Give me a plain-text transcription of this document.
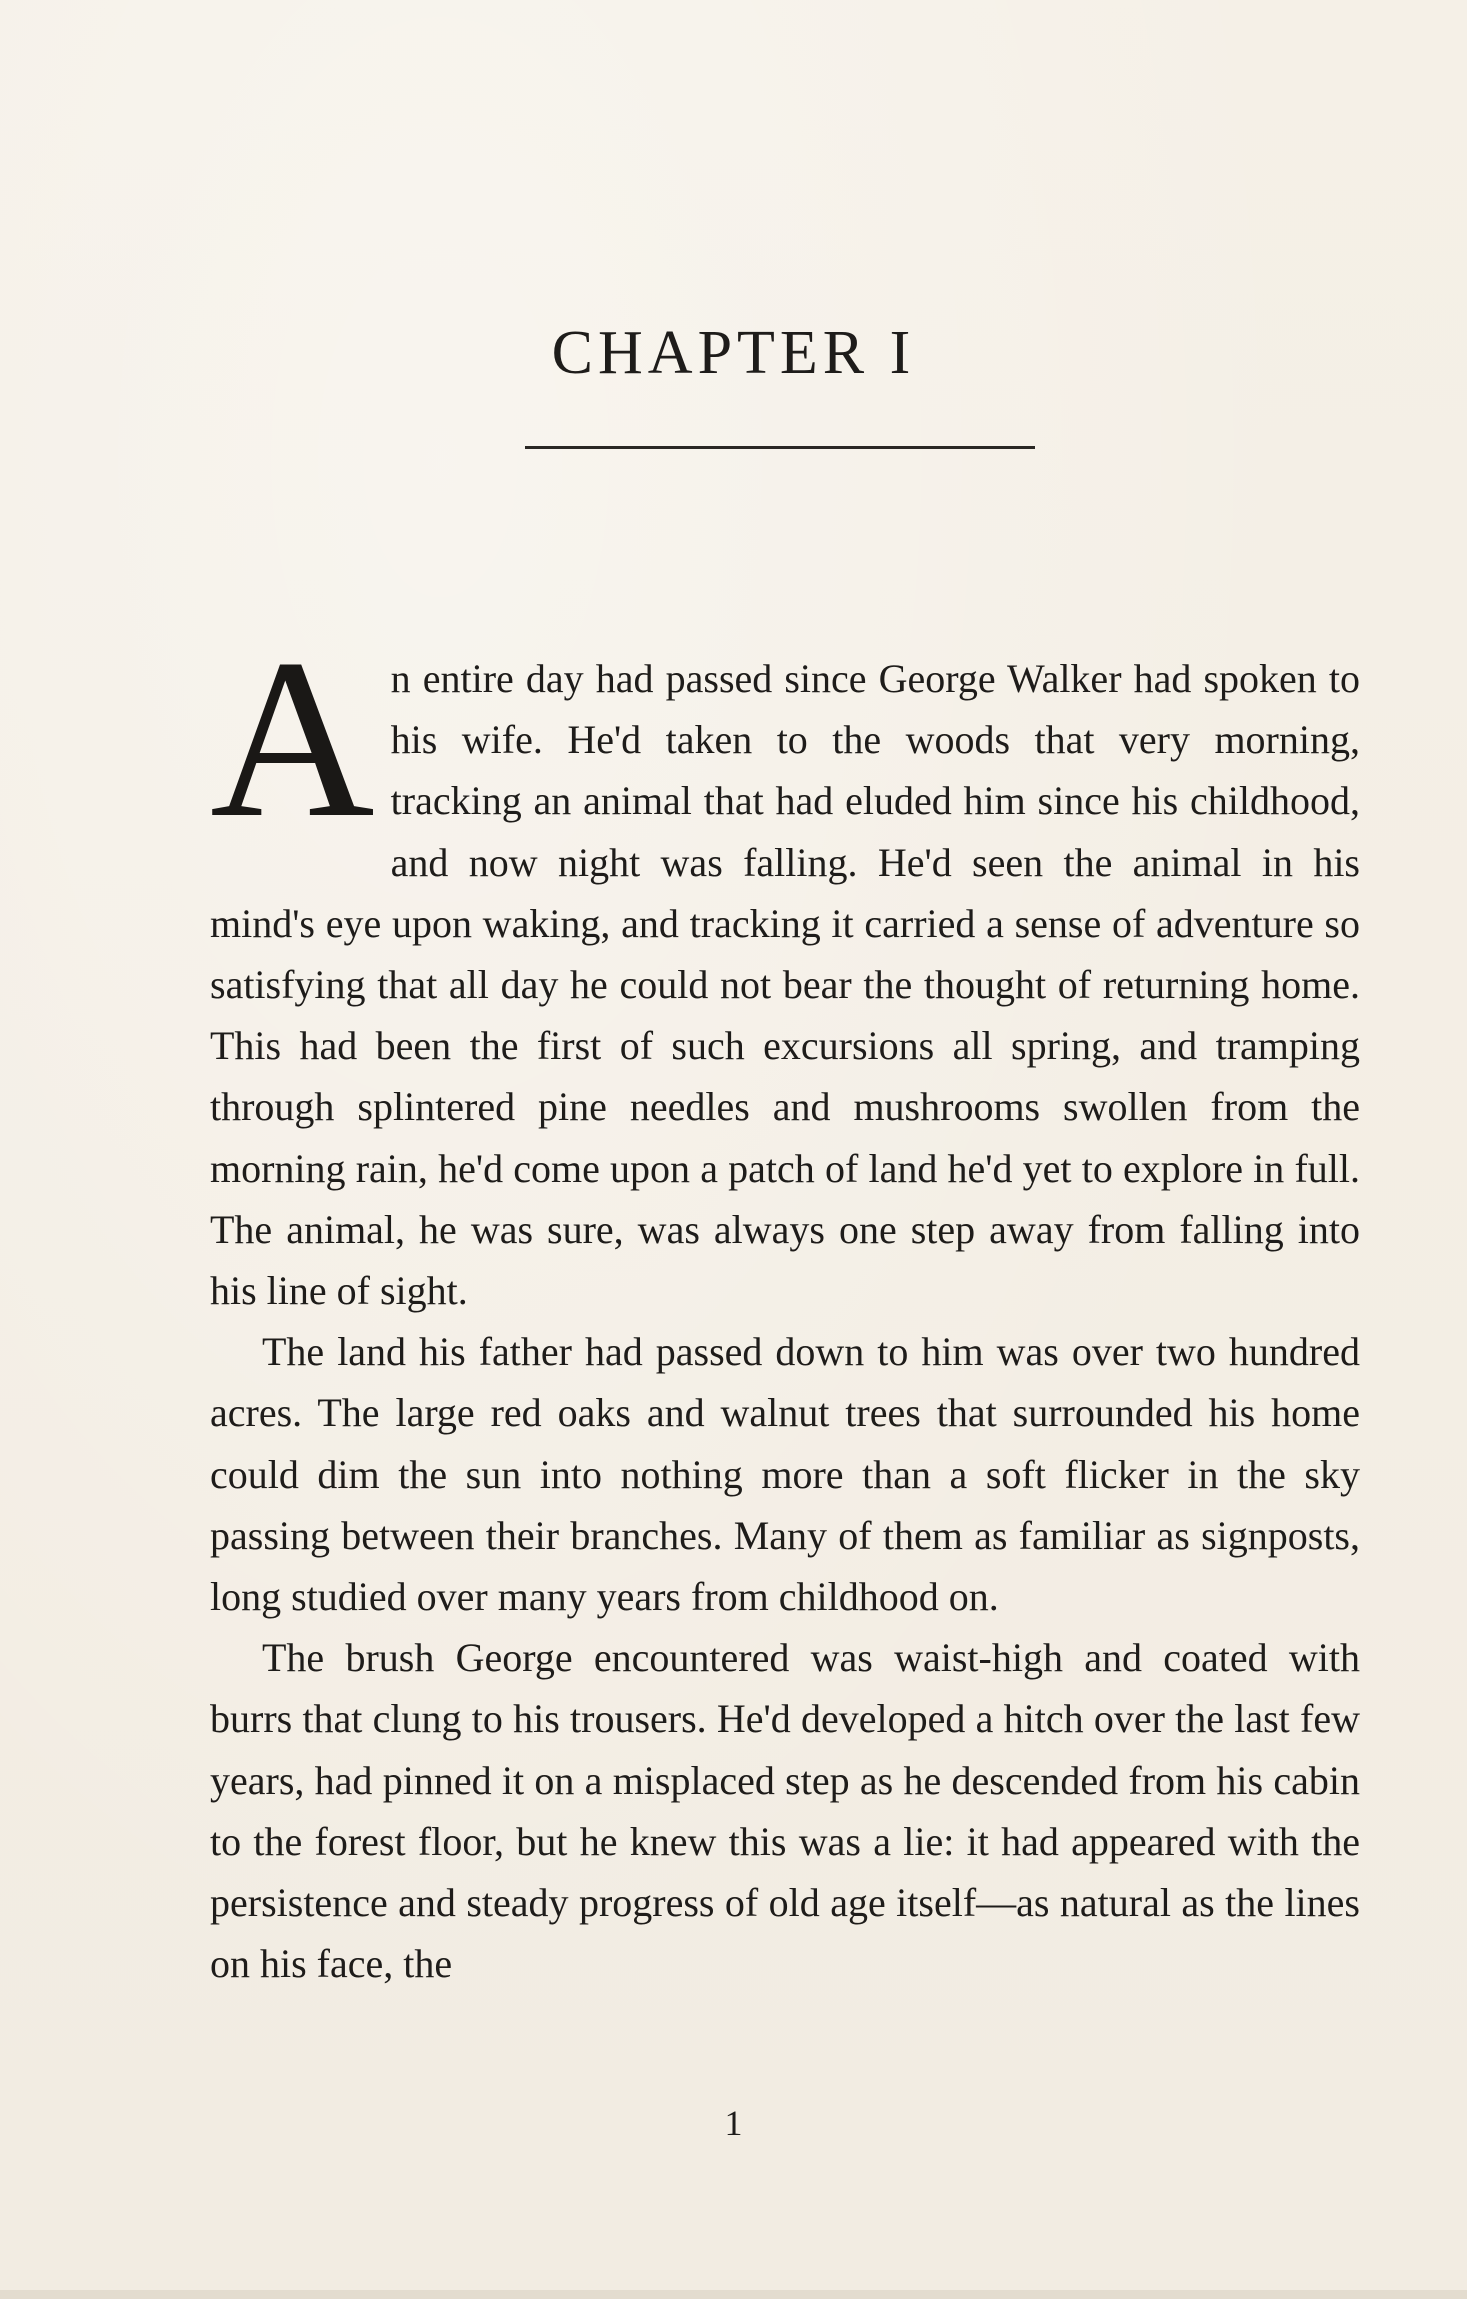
CHAPTER I

An entire day had passed since George Walker had spoken to his wife. He'd taken to the woods that very morning, tracking an animal that had eluded him since his childhood, and now night was falling. He'd seen the animal in his mind's eye upon waking, and tracking it carried a sense of adventure so satisfying that all day he could not bear the thought of returning home. This had been the first of such excursions all spring, and tramping through splintered pine needles and mushrooms swollen from the morning rain, he'd come upon a patch of land he'd yet to explore in full. The animal, he was sure, was always one step away from falling into his line of sight.

The land his father had passed down to him was over two hundred acres. The large red oaks and walnut trees that surrounded his home could dim the sun into nothing more than a soft flicker in the sky passing between their branches. Many of them as familiar as signposts, long studied over many years from childhood on.

The brush George encountered was waist-high and coated with burrs that clung to his trousers. He'd developed a hitch over the last few years, had pinned it on a misplaced step as he descended from his cabin to the forest floor, but he knew this was a lie: it had appeared with the persistence and steady progress of old age itself—as natural as the lines on his face, the

1
